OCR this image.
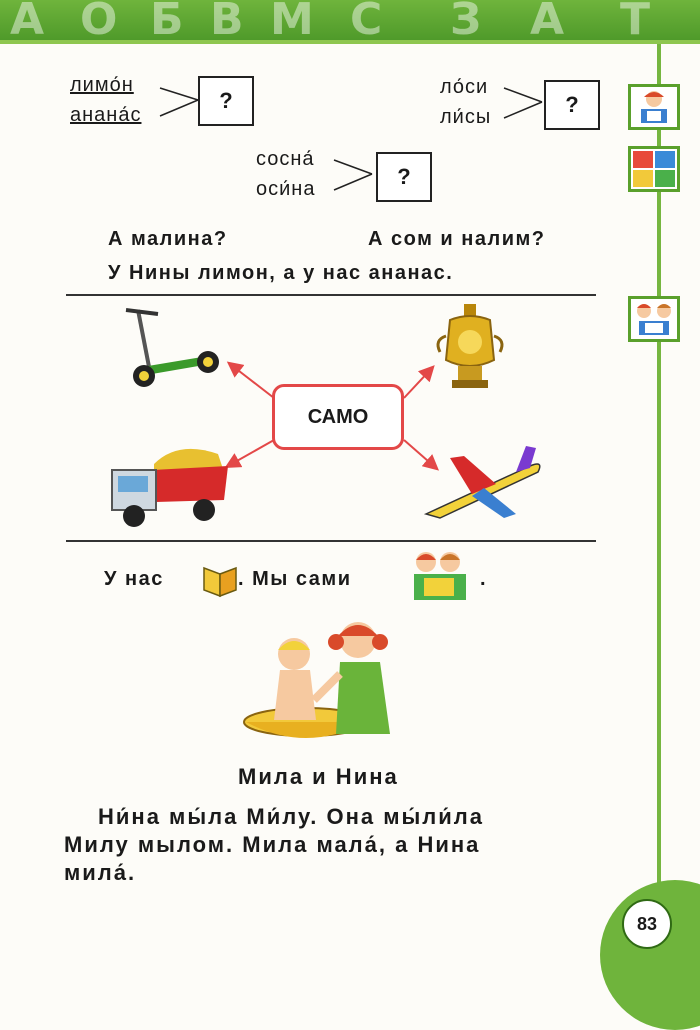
А О Б В М С З А Т
лимо́н
анана́с
?
ло́си
ли́сы	?
сосна́
оси́на	?
А малина?	А сом и налим?
У Нины лимон, а у нас ананас.
САМО
У нас	. Мы сами	.
Мила и Нина
Ни́на мы́ла Ми́лу. Она мы́ли́ла
Милу мылом. Мила мала́, а Нина
мила́.
83
